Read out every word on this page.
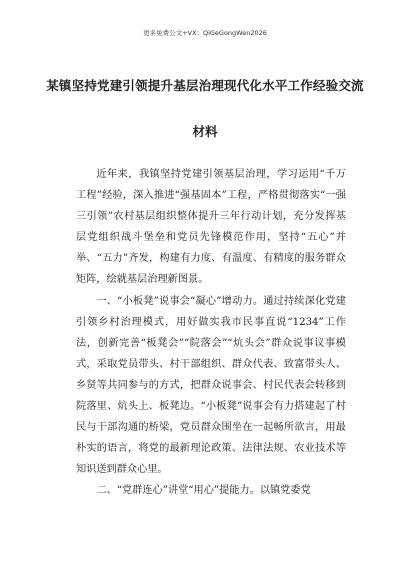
更多免费公文+VX：QiGeGongWen2026
某镇坚持党建引领提升基层治理现代化水平工作经验交流
材料

近年来，我镇坚持党建引领基层治理，学习运用“千万工程”经验，深入推进“强基固本”工程，严格贯彻落实“一强三引领”农村基层组织整体提升三年行动计划，充分发挥基层党组织战斗堡垒和党员先锋模范作用，坚持“五心”并举、“五力”齐发，构建有力度、有温度、有精度的服务群众矩阵，绘就基层治理新图景。

一、“小板凳”说事会“凝心”增动力。通过持续深化党建引领乡村治理模式，用好做实我市民事直说“1234”工作法，创新完善“板凳会”“院落会”“炕头会”群众说事议事模式，采取党员带头、村干部组织、群众代表、致富带头人、乡贤等共同参与的方式，把群众说事会、村民代表会转移到院落里、炕头上、板凳边。“小板凳”说事会有力搭建起了村民与干部沟通的桥梁，党员群众围坐在一起畅所欲言，用最朴实的语言，将党的最新理论政策、法律法规、农业技术等知识送到群众心里。

二、“党群连心”讲堂“用心”提能力。以镇党委党
